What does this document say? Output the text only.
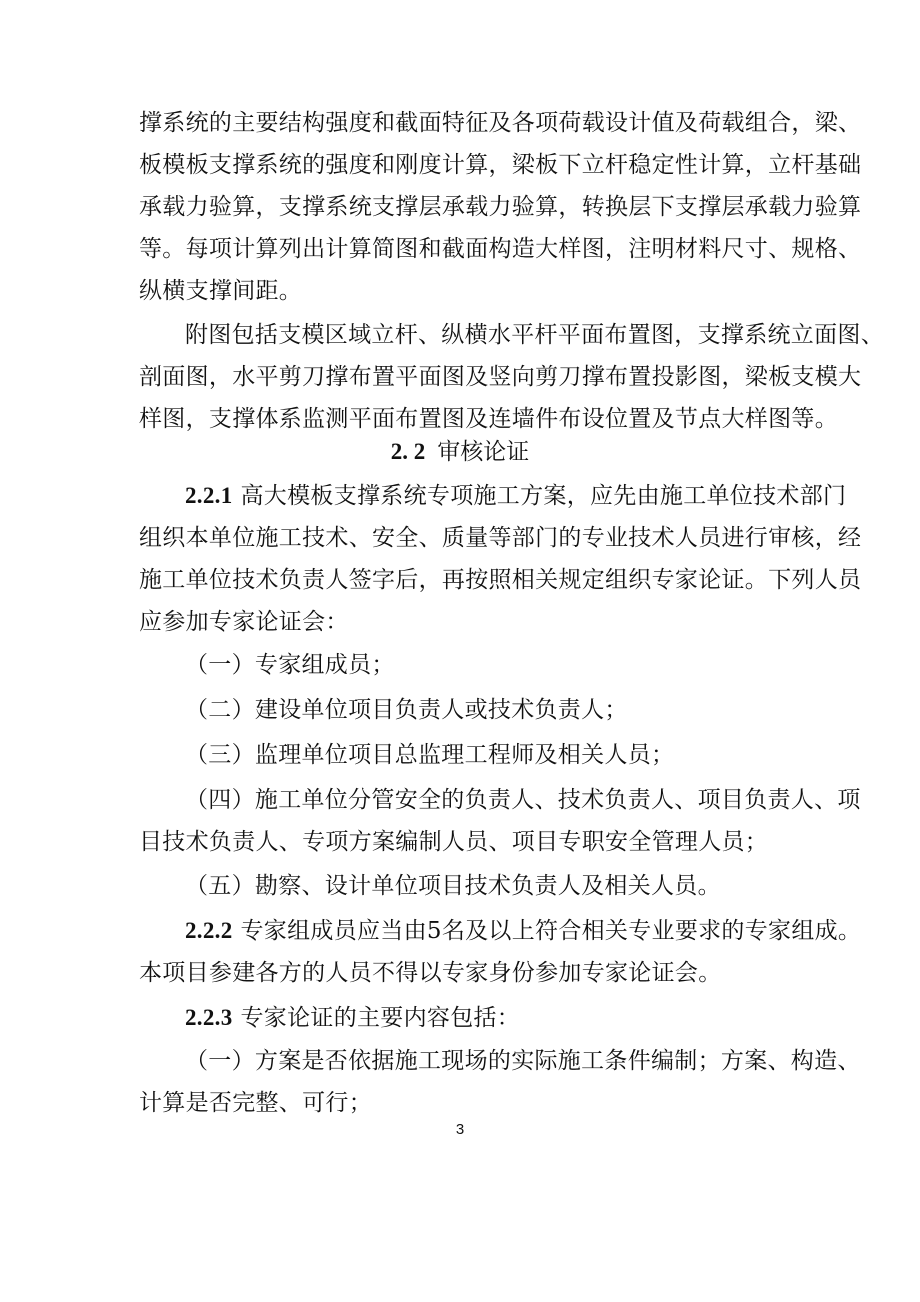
撑系统的主要结构强度和截面特征及各项荷载设计值及荷载组合，梁、
板模板支撑系统的强度和刚度计算，梁板下立杆稳定性计算，立杆基础
承载力验算，支撑系统支撑层承载力验算，转换层下支撑层承载力验算
等。每项计算列出计算简图和截面构造大样图，注明材料尺寸、规格、
纵横支撑间距。
附图包括支模区域立杆、纵横水平杆平面布置图，支撑系统立面图、
剖面图，水平剪刀撑布置平面图及竖向剪刀撑布置投影图，梁板支模大
样图，支撑体系监测平面布置图及连墙件布设位置及节点大样图等。
2. 2 审核论证
2.2.1 高大模板支撑系统专项施工方案，应先由施工单位技术部门
组织本单位施工技术、安全、质量等部门的专业技术人员进行审核，经
施工单位技术负责人签字后，再按照相关规定组织专家论证。下列人员
应参加专家论证会：
（一）专家组成员；
（二）建设单位项目负责人或技术负责人；
（三）监理单位项目总监理工程师及相关人员；
（四）施工单位分管安全的负责人、技术负责人、项目负责人、项
目技术负责人、专项方案编制人员、项目专职安全管理人员；
（五）勘察、设计单位项目技术负责人及相关人员。
2.2.2 专家组成员应当由5名及以上符合相关专业要求的专家组成。
本项目参建各方的人员不得以专家身份参加专家论证会。
2.2.3 专家论证的主要内容包括：
（一）方案是否依据施工现场的实际施工条件编制；方案、构造、
计算是否完整、可行；
3
